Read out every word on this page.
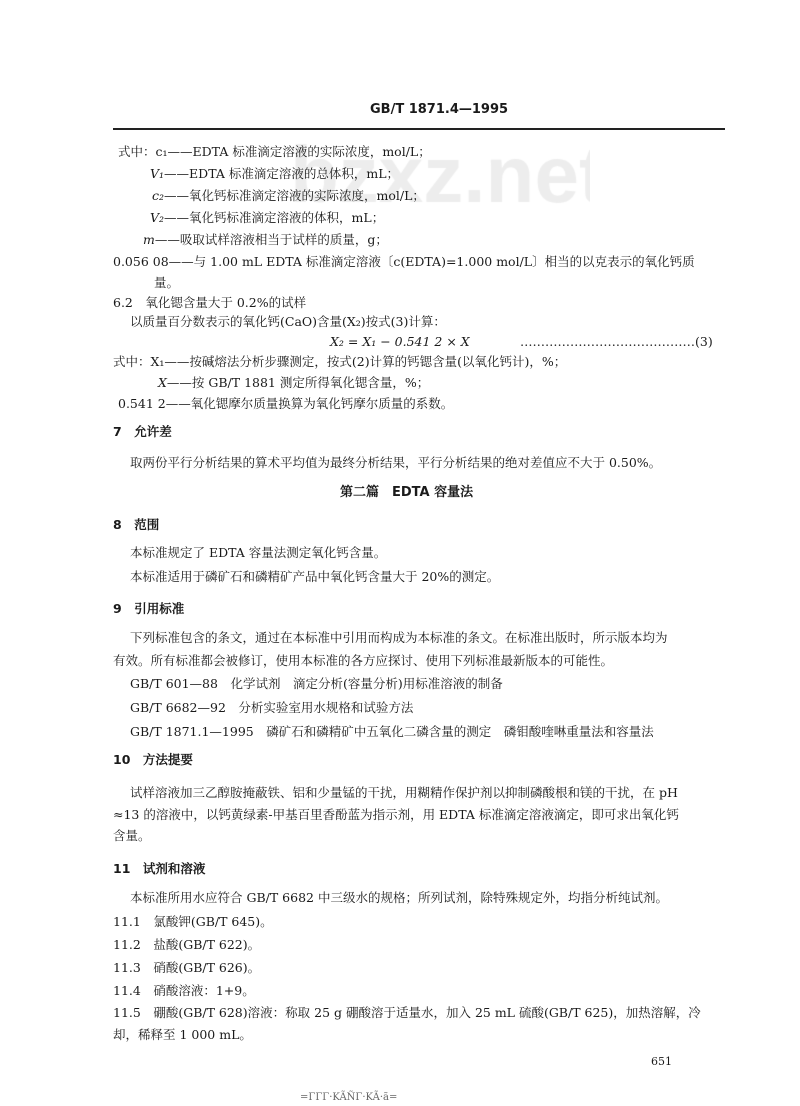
GB/T 1871.4—1995
式中：c₁——EDTA 标准滴定溶液的实际浓度，mol/L；
V₁——EDTA 标准滴定溶液的总体积，mL；
c₂——氧化钙标准滴定溶液的实际浓度，mol/L；
V₂——氧化钙标准滴定溶液的体积，mL；
m——吸取试样溶液相当于试样的质量，g；
0.056 08——与 1.00 mL EDTA 标准滴定溶液〔c(EDTA)=1.000 mol/L〕相当的以克表示的氧化钙质
量。
6.2　氧化锶含量大于 0.2%的试样
以质量百分数表示的氧化钙(CaO)含量(X₂)按式(3)计算：
X₂ = X₁ − 0.541 2 × X	……………………………………(3)
式中：X₁——按碱熔法分析步骤测定，按式(2)计算的钙锶含量(以氧化钙计)，%；
X——按 GB/T 1881 测定所得氧化锶含量，%；
0.541 2——氧化锶摩尔质量换算为氧化钙摩尔质量的系数。
7　允许差
取两份平行分析结果的算术平均值为最终分析结果，平行分析结果的绝对差值应不大于 0.50%。
第二篇　EDTA 容量法
8　范围
本标准规定了 EDTA 容量法测定氧化钙含量。
本标准适用于磷矿石和磷精矿产品中氧化钙含量大于 20%的测定。
9　引用标准
下列标准包含的条文，通过在本标准中引用而构成为本标准的条文。在标准出版时，所示版本均为
有效。所有标准都会被修订，使用本标准的各方应探讨、使用下列标准最新版本的可能性。
GB/T 601—88　化学试剂　滴定分析(容量分析)用标准溶液的制备
GB/T 6682—92　分析实验室用水规格和试验方法
GB/T 1871.1—1995　磷矿石和磷精矿中五氧化二磷含量的测定　磷钼酸喹啉重量法和容量法
10　方法提要
试样溶液加三乙醇胺掩蔽铁、铝和少量锰的干扰，用糊精作保护剂以抑制磷酸根和镁的干扰，在 pH
≈13 的溶液中，以钙黄绿素-甲基百里香酚蓝为指示剂，用 EDTA 标准滴定溶液滴定，即可求出氧化钙
含量。
11　试剂和溶液
本标准所用水应符合 GB/T 6682 中三级水的规格；所列试剂，除特殊规定外，均指分析纯试剂。
11.1　氯酸钾(GB/T 645)。
11.2　盐酸(GB/T 622)。
11.3　硝酸(GB/T 626)。
11.4　硝酸溶液：1+9。
11.5　硼酸(GB/T 628)溶液：称取 25 g 硼酸溶于适量水，加入 25 mL 硫酸(GB/T 625)，加热溶解，冷
却，稀释至 1 000 mL。
651
=ΓΓΓ·KÃÑΓ·KÃ·ã=
